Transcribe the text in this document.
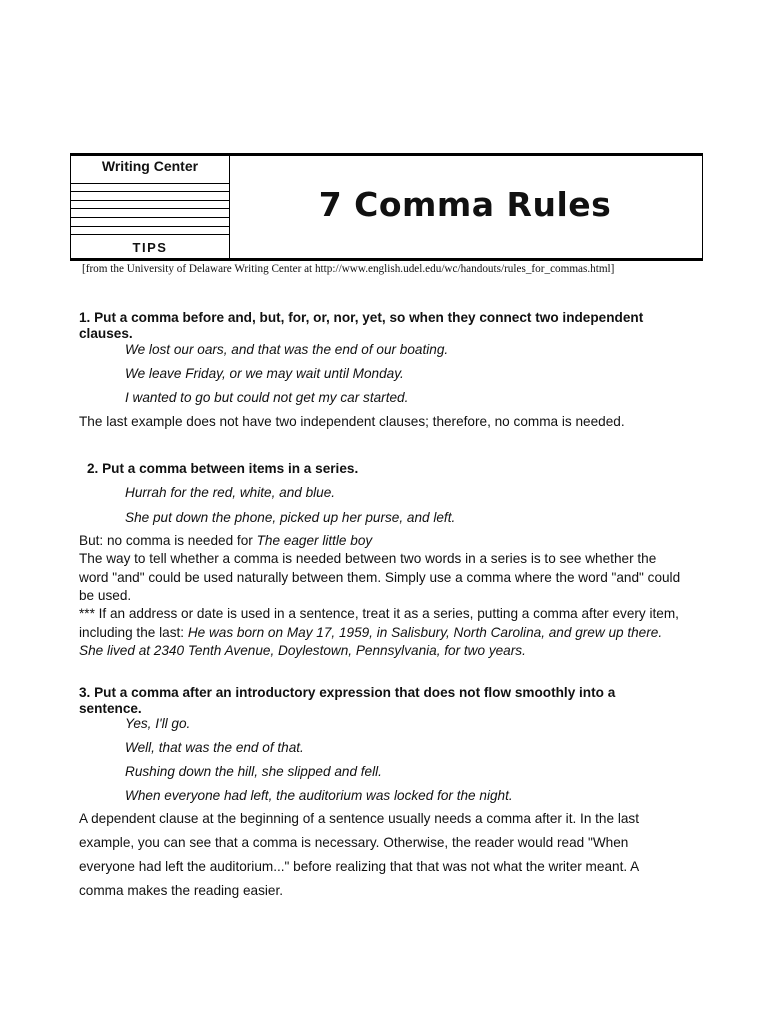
Writing Center
TIPS
7 Comma Rules
[from the University of Delaware Writing Center at http://www.english.udel.edu/wc/handouts/rules_for_commas.html]
1. Put a comma before and, but, for, or, nor, yet, so when they connect two independent
clauses.
We lost our oars, and that was the end of our boating.
We leave Friday, or we may wait until Monday.
I wanted to go but could not get my car started.
The last example does not have two independent clauses; therefore, no comma is needed.
2. Put a comma between items in a series.
Hurrah for the red, white, and blue.
She put down the phone, picked up her purse, and left.
But: no comma is needed for The eager little boy
The way to tell whether a comma is needed between two words in a series is to see whether the
word "and" could be used naturally between them. Simply use a comma where the word "and" could
be used.
*** If an address or date is used in a sentence, treat it as a series, putting a comma after every item,
including the last: He was born on May 17, 1959, in Salisbury, North Carolina, and grew up there.
She lived at 2340 Tenth Avenue, Doylestown, Pennsylvania, for two years.
3. Put a comma after an introductory expression that does not flow smoothly into a
sentence.
Yes, I'll go.
Well, that was the end of that.
Rushing down the hill, she slipped and fell.
When everyone had left, the auditorium was locked for the night.
A dependent clause at the beginning of a sentence usually needs a comma after it. In the last
example, you can see that a comma is necessary. Otherwise, the reader would read "When
everyone had left the auditorium..." before realizing that that was not what the writer meant. A
comma makes the reading easier.
